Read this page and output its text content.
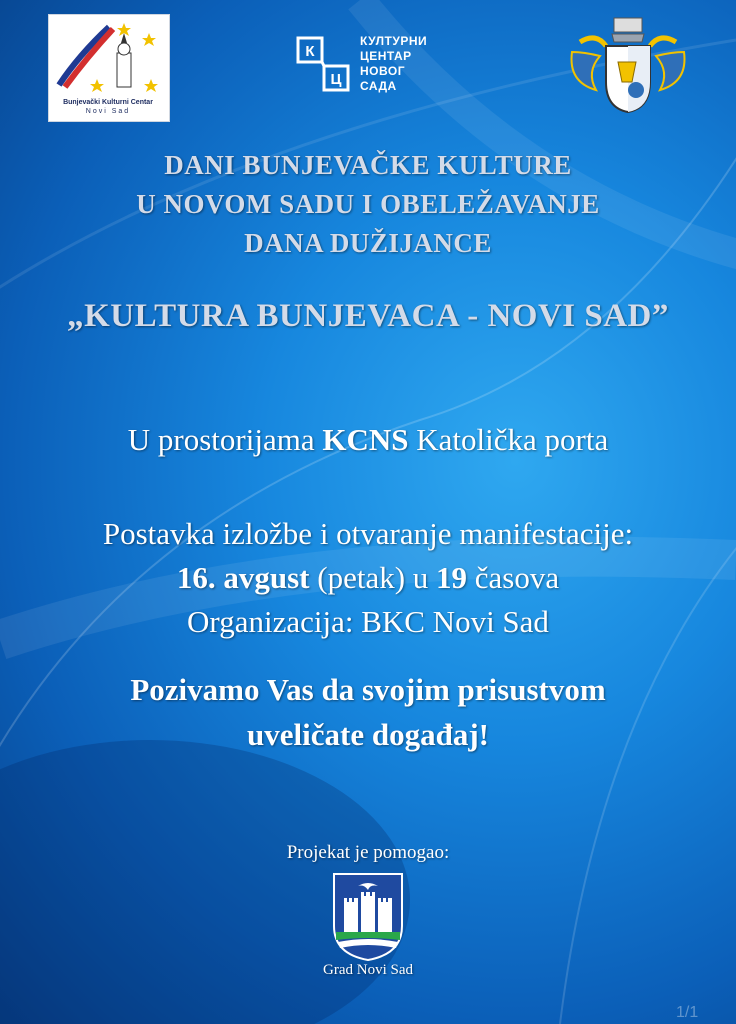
Bunjevački Kulturni Centar
Novi Sad
К
Ц
КУЛТУРНИ
ЦЕНТАР
НОВОГ
САДА
DANI BUNJEVAČKE KULTURE
U NOVOM SADU I OBELEŽAVANJE
DANA DUŽIJANCE
„KULTURA BUNJEVACA - NOVI SAD”
U prostorijama KCNS Katolička porta
Postavka izložbe i otvaranje manifestacije:
16. avgust (petak) u 19 časova
Organizacija: BKC Novi Sad
Pozivamo Vas da svojim prisustvom
uveličate događaj!
Projekat je pomogao:
Grad Novi Sad
1/1
